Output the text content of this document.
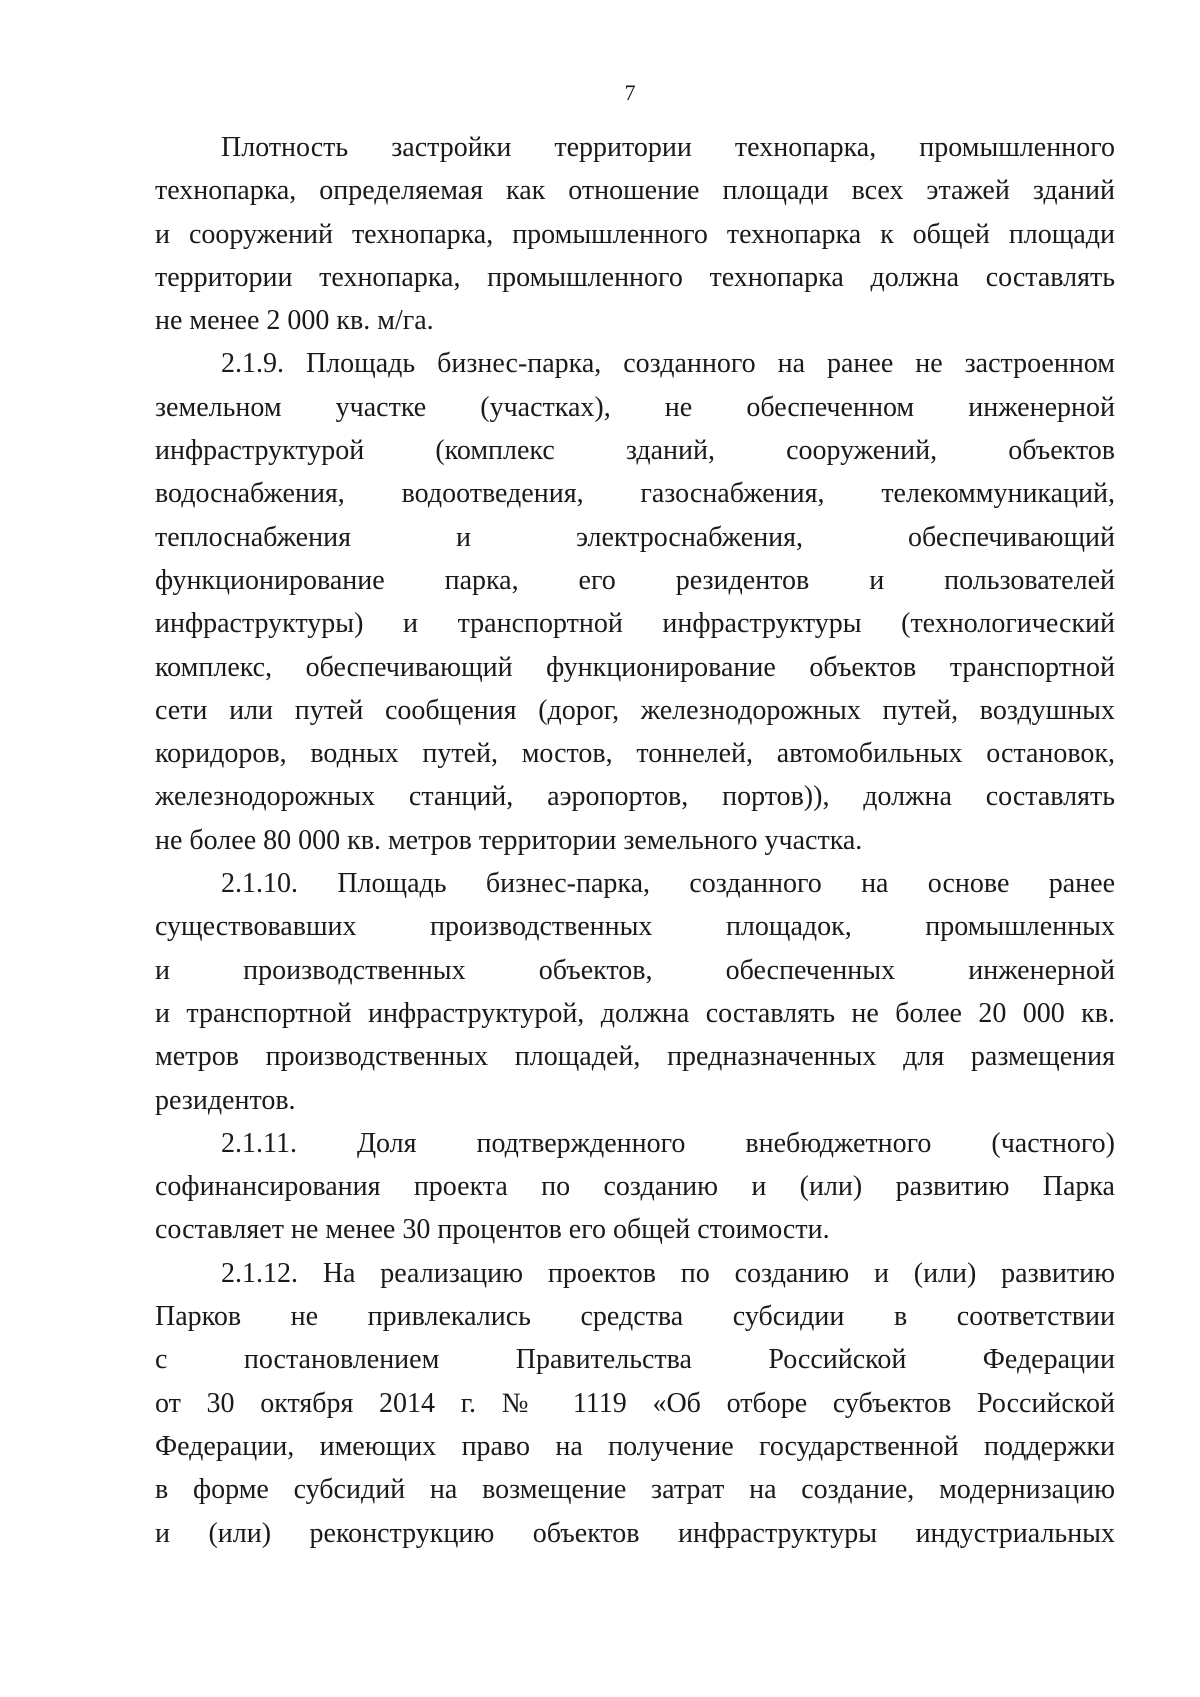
7

Плотность застройки территории технопарка, промышленного
технопарка, определяемая как отношение площади всех этажей зданий
и сооружений технопарка, промышленного технопарка к общей площади
территории технопарка, промышленного технопарка должна составлять
не менее 2 000 кв. м/га.

2.1.9. Площадь бизнес-парка, созданного на ранее не застроенном
земельном участке (участках), не обеспеченном инженерной
инфраструктурой (комплекс зданий, сооружений, объектов
водоснабжения, водоотведения, газоснабжения, телекоммуникаций,
теплоснабжения и электроснабжения, обеспечивающий
функционирование парка, его резидентов и пользователей
инфраструктуры) и транспортной инфраструктуры (технологический
комплекс, обеспечивающий функционирование объектов транспортной
сети или путей сообщения (дорог, железнодорожных путей, воздушных
коридоров, водных путей, мостов, тоннелей, автомобильных остановок,
железнодорожных станций, аэропортов, портов)), должна составлять
не более 80 000 кв. метров территории земельного участка.

2.1.10. Площадь бизнес-парка, созданного на основе ранее
существовавших производственных площадок, промышленных
и производственных объектов, обеспеченных инженерной
и транспортной инфраструктурой, должна составлять не более 20 000 кв.
метров производственных площадей, предназначенных для размещения
резидентов.

2.1.11. Доля подтвержденного внебюджетного (частного)
софинансирования проекта по созданию и (или) развитию Парка
составляет не менее 30 процентов его общей стоимости.

2.1.12. На реализацию проектов по созданию и (или) развитию
Парков не привлекались средства субсидии в соответствии
с постановлением Правительства Российской Федерации
от 30 октября 2014 г. № 1119 «Об отборе субъектов Российской
Федерации, имеющих право на получение государственной поддержки
в форме субсидий на возмещение затрат на создание, модернизацию
и (или) реконструкцию объектов инфраструктуры индустриальных
